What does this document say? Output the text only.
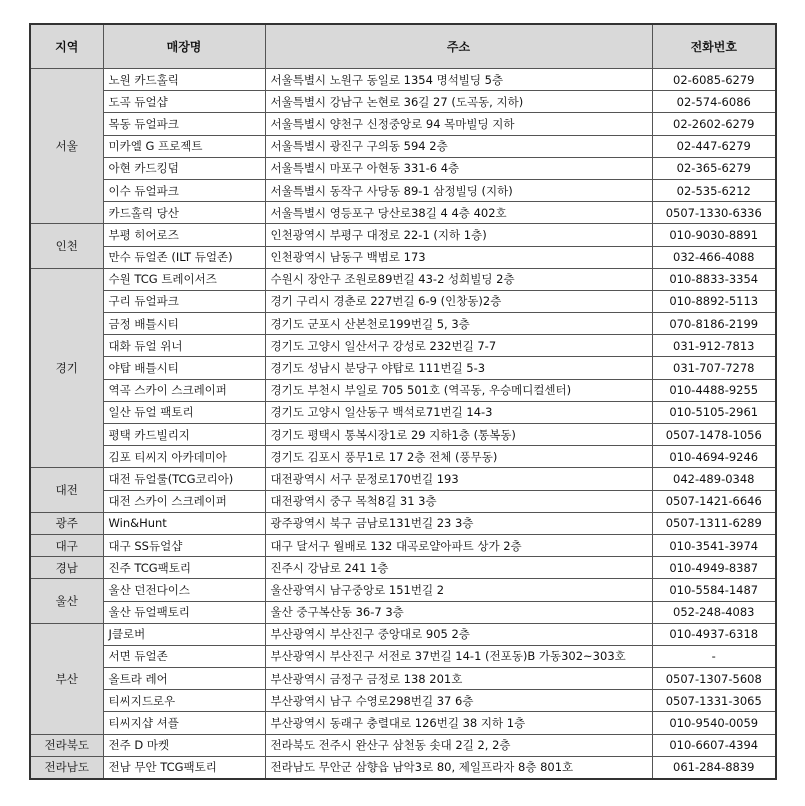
지역	매장명	주소	전화번호
서울	노원 카드홀릭	서울특별시 노원구 동일로 1354 명석빌딩 5층	02-6085-6279
	도곡 듀얼샵	서울특별시 강남구 논현로 36길 27 (도곡동, 지하)	02-574-6086
	목동 듀얼파크	서울특별시 양천구 신정중앙로 94 목마빌딩 지하	02-2602-6279
	미카엘 G 프로젝트	서울특별시 광진구 구의동 594 2층	02-447-6279
	아현 카드킹덤	서울특별시 마포구 아현동 331-6 4층	02-365-6279
	이수 듀얼파크	서울특별시 동작구 사당동 89-1 삼정빌딩 (지하)	02-535-6212
	카드홀릭 당산	서울특별시 영등포구 당산로38길 4 4층 402호	0507-1330-6336
인천	부평 히어로즈	인천광역시 부평구 대정로 22-1 (지하 1층)	010-9030-8891
	만수 듀얼존 (ILT 듀얼존)	인천광역시 남동구 백범로 173	032-466-4088
경기	수원 TCG 트레이서즈	수원시 장안구 조원로89번길 43-2 성희빌딩 2층	010-8833-3354
	구리 듀얼파크	경기 구리시 경춘로 227번길 6-9 (인창동)2층	010-8892-5113
	금정 배틀시티	경기도 군포시 산본천로199번길 5, 3층	070-8186-2199
	대화 듀얼 위너	경기도 고양시 일산서구 강성로 232번길 7-7	031-912-7813
	야탑 배틀시티	경기도 성남시 분당구 야탑로 111번길 5-3	031-707-7278
	역곡 스카이 스크레이퍼	경기도 부천시 부일로 705 501호 (역곡동, 우승메디컬센터)	010-4488-9255
	일산 듀얼 팩토리	경기도 고양시 일산동구 백석로71번길 14-3	010-5105-2961
	평택 카드빌리지	경기도 평택시 통복시장1로 29 지하1층 (통복동)	0507-1478-1056
	김포 티씨지 아카데미아	경기도 김포시 풍무1로 17 2층 전체 (풍무동)	010-4694-9246
대전	대전 듀얼룰(TCG코리아)	대전광역시 서구 문정로170번길 193	042-489-0348
	대전 스카이 스크레이퍼	대전광역시 중구 목척8길 31 3층	0507-1421-6646
광주	Win&Hunt	광주광역시 북구 금남로131번길 23 3층	0507-1311-6289
대구	대구 SS듀얼샵	대구 달서구 월배로 132 대곡로얄아파트 상가 2층	010-3541-3974
경남	진주 TCG팩토리	진주시 강남로 241 1층	010-4949-8387
울산	울산 던전다이스	울산광역시 남구중앙로 151번길 2	010-5584-1487
	울산 듀얼팩토리	울산 중구복산동 36-7 3층	052-248-4083
부산	J클로버	부산광역시 부산진구 중앙대로 905 2층	010-4937-6318
	서면 듀얼존	부산광역시 부산진구 서전로 37번길 14-1 (전포동)B 가동302~303호	-
	올트라 레어	부산광역시 금정구 금정로 138 201호	0507-1307-5608
	티씨지드로우	부산광역시 남구 수영로298번길 37 6층	0507-1331-3065
	티씨지샵 셔플	부산광역시 동래구 충렬대로 126번길 38 지하 1층	010-9540-0059
전라북도	전주 D 마켓	전라북도 전주시 완산구 삼천동 솟대 2길 2, 2층	010-6607-4394
전라남도	전남 무안 TCG팩토리	전라남도 무안군 삼향읍 남악3로 80, 제일프라자 8층 801호	061-284-8839
